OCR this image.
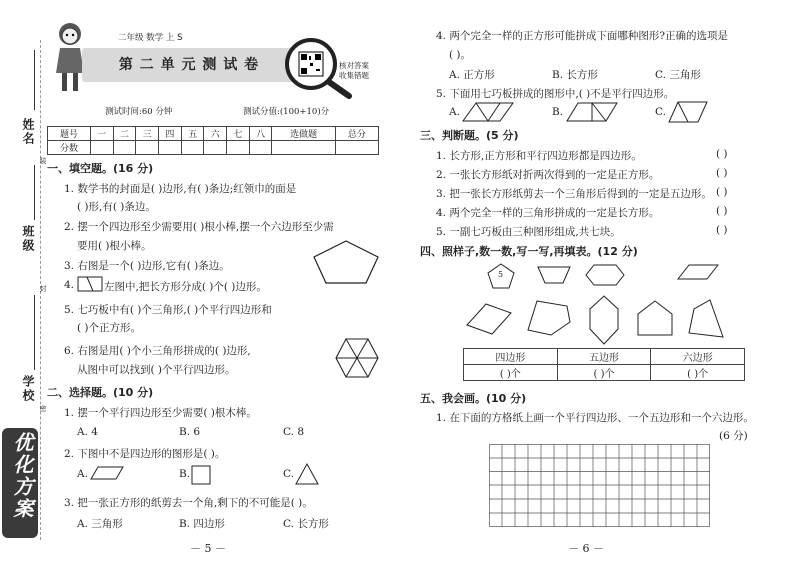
姓名
班级
学校
装
封
密
优化方案
二年级 数学 上 S
第 二 单 元 测 试 卷	核对答案
收集错题
测试时间:60 分钟	测试分值:(100+10)分
题号	一	二	三	四	五	六	七	八	选做题	总分
分数										
一、填空题。(16 分)
1. 数学书的封面是( )边形,有( )条边;红领巾的面是
( )形,有( )条边。
2. 摆一个四边形至少需要用( )根小棒,摆一个六边形至少需
要用( )根小棒。
3. 右图是一个( )边形,它有( )条边。
4.	左图中,把长方形分成( )个( )边形。
5. 七巧板中有( )个三角形,( )个平行四边形和
( )个正方形。
6. 右图是用( )个小三角形拼成的( )边形,
从图中可以找到( )个平行四边形。
二、选择题。(10 分)
1. 摆一个平行四边形至少需要( )根木棒。
A. 4	B. 6	C. 8
2. 下图中不是四边形的图形是( )。
A.	B.	C.
3. 把一张正方形的纸剪去一个角,剩下的不可能是( )。
A. 三角形	B. 四边形	C. 长方形
－ 5 －
4. 两个完全一样的正方形可能拼成下面哪种图形?正确的选项是
( )。
A. 正方形	B. 长方形	C. 三角形
5. 下面用七巧板拼成的图形中,( )不是平行四边形。
A.	B.	C.
三、判断题。(5 分)
1. 长方形,正方形和平行四边形都是四边形。
2. 一张长方形纸对折两次得到的一定是正方形。
3. 把一张长方形纸剪去一个三角形后得到的一定是五边形。
4. 两个完全一样的三角形拼成的一定是长方形。
5. 一副七巧板由三种图形组成,共七块。
( )
( )
( )
( )
( )
四、照样子,数一数,写一写,再填表。(12 分)
5
四边形	五边形	六边形
( )个	( )个	( )个
五、我会画。(10 分)
1. 在下面的方格纸上画一个平行四边形、一个五边形和一个六边形。
(6 分)
－ 6 －
